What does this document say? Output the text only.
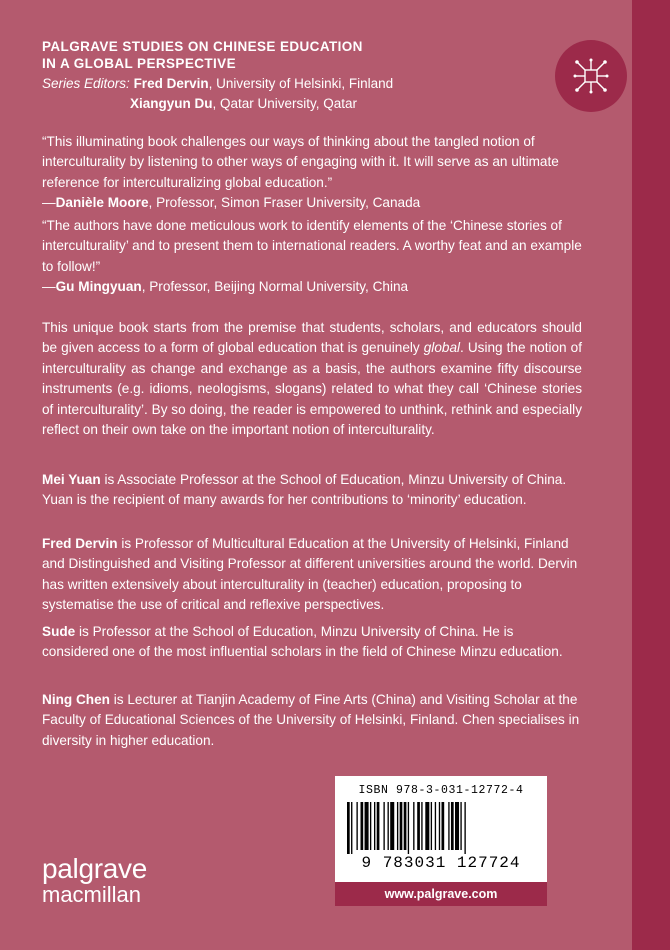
PALGRAVE STUDIES ON CHINESE EDUCATION
IN A GLOBAL PERSPECTIVE
Series Editors: Fred Dervin, University of Helsinki, Finland
Xiangyun Du, Qatar University, Qatar
“This illuminating book challenges our ways of thinking about the tangled notion of interculturality by listening to other ways of engaging with it. It will serve as an ultimate reference for interculturalizing global education.”
—Danièle Moore, Professor, Simon Fraser University, Canada
“The authors have done meticulous work to identify elements of the ‘Chinese stories of interculturality’ and to present them to international readers. A worthy feat and an example to follow!”
—Gu Mingyuan, Professor, Beijing Normal University, China
This unique book starts from the premise that students, scholars, and educators should be given access to a form of global education that is genuinely global. Using the notion of interculturality as change and exchange as a basis, the authors examine fifty discourse instruments (e.g. idioms, neologisms, slogans) related to what they call ‘Chinese stories of interculturality’. By so doing, the reader is empowered to unthink, rethink and especially reflect on their own take on the important notion of interculturality.
Mei Yuan is Associate Professor at the School of Education, Minzu University of China. Yuan is the recipient of many awards for her contributions to ‘minority’ education.
Fred Dervin is Professor of Multicultural Education at the University of Helsinki, Finland and Distinguished and Visiting Professor at different universities around the world. Dervin has written extensively about interculturality in (teacher) education, proposing to systematise the use of critical and reflexive perspectives.
Sude is Professor at the School of Education, Minzu University of China. He is considered one of the most influential scholars in the field of Chinese Minzu education.
Ning Chen is Lecturer at Tianjin Academy of Fine Arts (China) and Visiting Scholar at the Faculty of Educational Sciences of the University of Helsinki, Finland. Chen specialises in diversity in higher education.
palgrave
macmillan
ISBN 978-3-031-12772-4
9 783031 127724
www.palgrave.com
